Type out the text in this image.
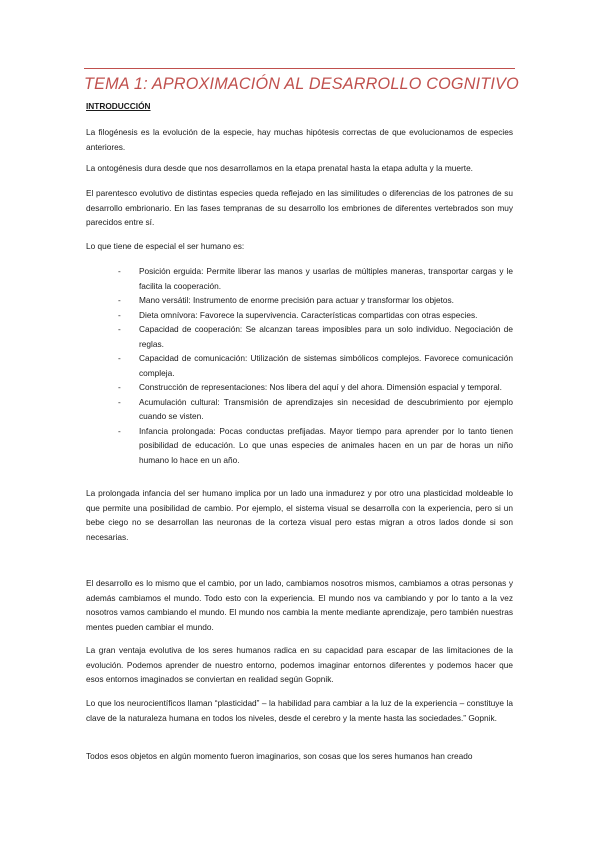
TEMA 1: APROXIMACIÓN AL DESARROLLO COGNITIVO
INTRODUCCIÓN

La filogénesis es la evolución de la especie, hay muchas hipótesis correctas de que evolucionamos de especies anteriores.

La ontogénesis dura desde que nos desarrollamos en la etapa prenatal hasta la etapa adulta y la muerte.

El parentesco evolutivo de distintas especies queda reflejado en las similitudes o diferencias de los patrones de su desarrollo embrionario. En las fases tempranas de su desarrollo los embriones de diferentes vertebrados son muy parecidos entre sí.

Lo que tiene de especial el ser humano es:

- Posición erguida: Permite liberar las manos y usarlas de múltiples maneras, transportar cargas y le facilita la cooperación.
- Mano versátil: Instrumento de enorme precisión para actuar y transformar los objetos.
- Dieta omnívora: Favorece la supervivencia. Características compartidas con otras especies.
- Capacidad de cooperación: Se alcanzan tareas imposibles para un solo individuo. Negociación de reglas.
- Capacidad de comunicación: Utilización de sistemas simbólicos complejos. Favorece comunicación compleja.
- Construcción de representaciones: Nos libera del aquí y del ahora. Dimensión espacial y temporal.
- Acumulación cultural: Transmisión de aprendizajes sin necesidad de descubrimiento por ejemplo cuando se visten.
- Infancia prolongada: Pocas conductas prefijadas. Mayor tiempo para aprender por lo tanto tienen posibilidad de educación. Lo que unas especies de animales hacen en un par de horas un niño humano lo hace en un año.

La prolongada infancia del ser humano implica por un lado una inmadurez y por otro una plasticidad moldeable lo que permite una posibilidad de cambio. Por ejemplo, el sistema visual se desarrolla con la experiencia, pero si un bebe ciego no se desarrollan las neuronas de la corteza visual pero estas migran a otros lados donde si son necesarias.

El desarrollo es lo mismo que el cambio, por un lado, cambiamos nosotros mismos, cambiamos a otras personas y además cambiamos el mundo. Todo esto con la experiencia. El mundo nos va cambiando y por lo tanto a la vez nosotros vamos cambiando el mundo. El mundo nos cambia la mente mediante aprendizaje, pero también nuestras mentes pueden cambiar el mundo.

La gran ventaja evolutiva de los seres humanos radica en su capacidad para escapar de las limitaciones de la evolución. Podemos aprender de nuestro entorno, podemos imaginar entornos diferentes y podemos hacer que esos entornos imaginados se conviertan en realidad según Gopnik.

Lo que los neurocientíficos llaman “plasticidad” – la habilidad para cambiar a la luz de la experiencia – constituye la clave de la naturaleza humana en todos los niveles, desde el cerebro y la mente hasta las sociedades.” Gopnik.

Todos esos objetos en algún momento fueron imaginarios, son cosas que los seres humanos han creado
